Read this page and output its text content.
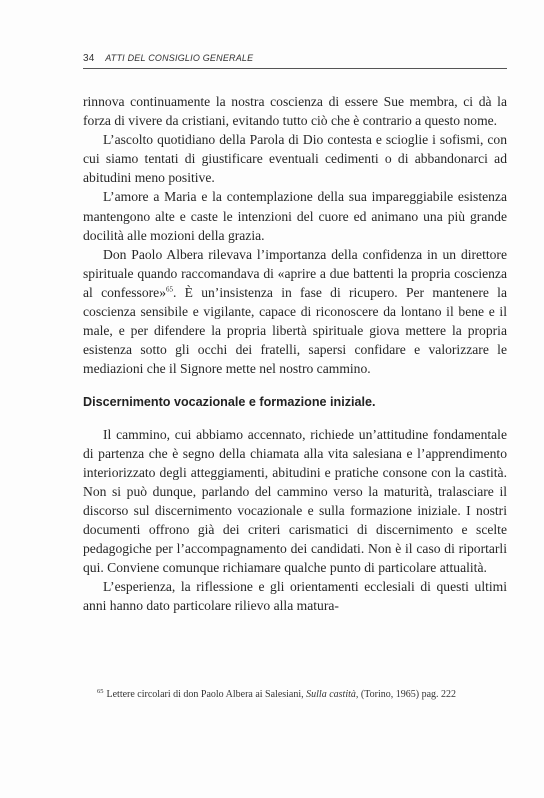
34 ATTI DEL CONSIGLIO GENERALE

rinnova continuamente la nostra coscienza di essere Sue membra, ci dà la forza di vivere da cristiani, evitando tutto ciò che è contrario a questo nome.

L’ascolto quotidiano della Parola di Dio contesta e scioglie i sofismi, con cui siamo tentati di giustificare eventuali cedimenti o di abbandonarci ad abitudini meno positive.

L’amore a Maria e la contemplazione della sua impareggiabile esistenza mantengono alte e caste le intenzioni del cuore ed animano una più grande docilità alle mozioni della grazia.

Don Paolo Albera rilevava l’importanza della confidenza in un direttore spirituale quando raccomandava di «aprire a due battenti la propria coscienza al confessore»$^{65}$. È un’insistenza in fase di ricupero. Per mantenere la coscienza sensibile e vigilante, capace di riconoscere da lontano il bene e il male, e per difendere la propria libertà spirituale giova mettere la propria esistenza sotto gli occhi dei fratelli, sapersi confidare e valorizzare le mediazioni che il Signore mette nel nostro cammino.

Discernimento vocazionale e formazione iniziale.

Il cammino, cui abbiamo accennato, richiede un’attitudine fondamentale di partenza che è segno della chiamata alla vita salesiana e l’apprendimento interiorizzato degli atteggiamenti, abitudini e pratiche consone con la castità. Non si può dunque, parlando del cammino verso la maturità, tralasciare il discorso sul discernimento vocazionale e sulla formazione iniziale. I nostri documenti offrono già dei criteri carismatici di discernimento e scelte pedagogiche per l’accompagnamento dei candidati. Non è il caso di riportarli qui. Conviene comunque richiamare qualche punto di particolare attualità.

L’esperienza, la riflessione e gli orientamenti ecclesiali di questi ultimi anni hanno dato particolare rilievo alla matura-

$^{65}$ Lettere circolari di don Paolo Albera ai Salesiani, Sulla castità, (Torino, 1965) pag. 222
